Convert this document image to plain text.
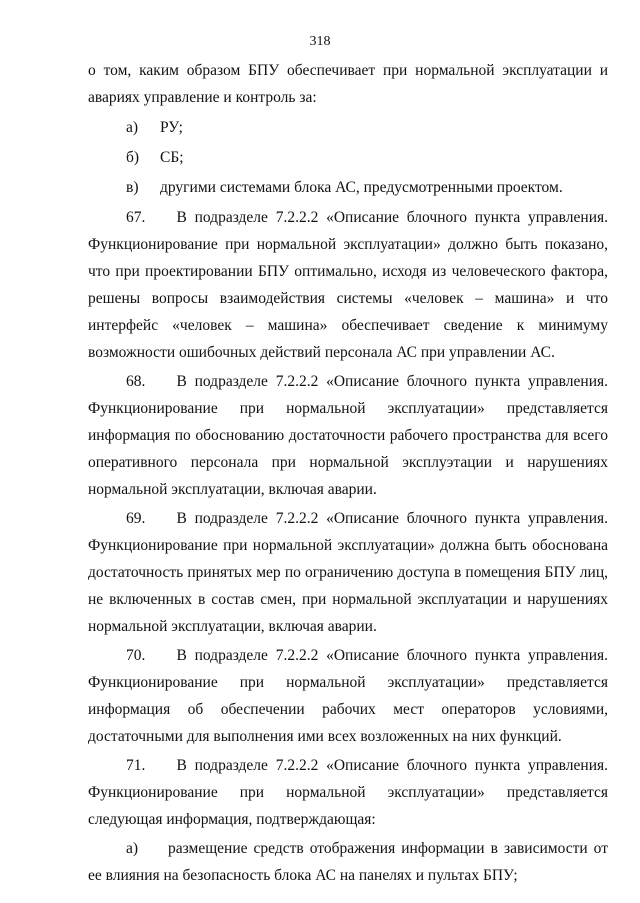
318

о том, каким образом БПУ обеспечивает при нормальной эксплуатации и авариях управление и контроль за:

а) РУ;
б) СБ;
в) другими системами блока АС, предусмотренными проектом.

67. В подразделе 7.2.2.2 «Описание блочного пункта управления. Функционирование при нормальной эксплуатации» должно быть показано, что при проектировании БПУ оптимально, исходя из человеческого фактора, решены вопросы взаимодействия системы «человек – машина» и что интерфейс «человек – машина» обеспечивает сведение к минимуму возможности ошибочных действий персонала АС при управлении АС.

68. В подразделе 7.2.2.2 «Описание блочного пункта управления. Функционирование при нормальной эксплуатации» представляется информация по обоснованию достаточности рабочего пространства для всего оперативного персонала при нормальной эксплуэтации и нарушениях нормальной эксплуатации, включая аварии.

69. В подразделе 7.2.2.2 «Описание блочного пункта управления. Функционирование при нормальной эксплуатации» должна быть обоснована достаточность принятых мер по ограничению доступа в помещения БПУ лиц, не включенных в состав смен, при нормальной эксплуатации и нарушениях нормальной эксплуатации, включая аварии.

70. В подразделе 7.2.2.2 «Описание блочного пункта управления. Функционирование при нормальной эксплуатации» представляется информация об обеспечении рабочих мест операторов условиями, достаточными для выполнения ими всех возложенных на них функций.

71. В подразделе 7.2.2.2 «Описание блочного пункта управления. Функционирование при нормальной эксплуатации» представляется следующая информация, подтверждающая:

а) размещение средств отображения информации в зависимости от ее влияния на безопасность блока АС на панелях и пультах БПУ;
